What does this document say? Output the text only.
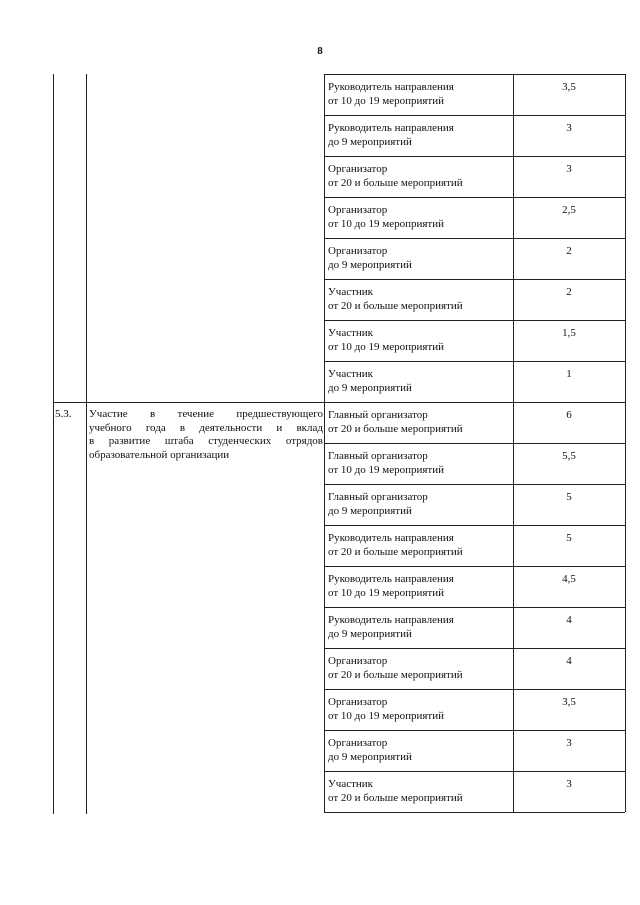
8
5.3. Участие в течение предшествующего
учебного года в деятельности и вклад
в развитие штаба студенческих отрядов
образовательной организации
Руководитель направления
от 10 до 19 мероприятий
3,5
Руководитель направления
до 9 мероприятий
3
Организатор
от 20 и больше мероприятий
3
Организатор
от 10 до 19 мероприятий
2,5
Организатор
до 9 мероприятий
2
Участник
от 20 и больше мероприятий
2
Участник
от 10 до 19 мероприятий
1,5
Участник
до 9 мероприятий
1
Главный организатор
от 20 и больше мероприятий
6
Главный организатор
от 10 до 19 мероприятий
5,5
Главный организатор
до 9 мероприятий
5
Руководитель направления
от 20 и больше мероприятий
5
Руководитель направления
от 10 до 19 мероприятий
4,5
Руководитель направления
до 9 мероприятий
4
Организатор
от 20 и больше мероприятий
4
Организатор
от 10 до 19 мероприятий
3,5
Организатор
до 9 мероприятий
3
Участник
от 20 и больше мероприятий
3
